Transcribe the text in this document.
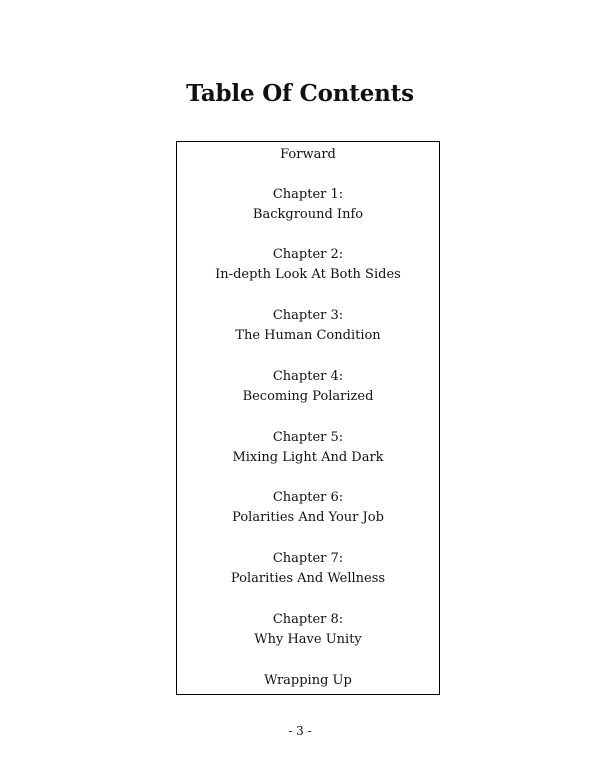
Table Of Contents
Forward
Chapter 1:
Background Info
Chapter 2:
In-depth Look At Both Sides
Chapter 3:
The Human Condition
Chapter 4:
Becoming Polarized
Chapter 5:
Mixing Light And Dark
Chapter 6:
Polarities And Your Job
Chapter 7:
Polarities And Wellness
Chapter 8:
Why Have Unity
Wrapping Up
- 3 -
